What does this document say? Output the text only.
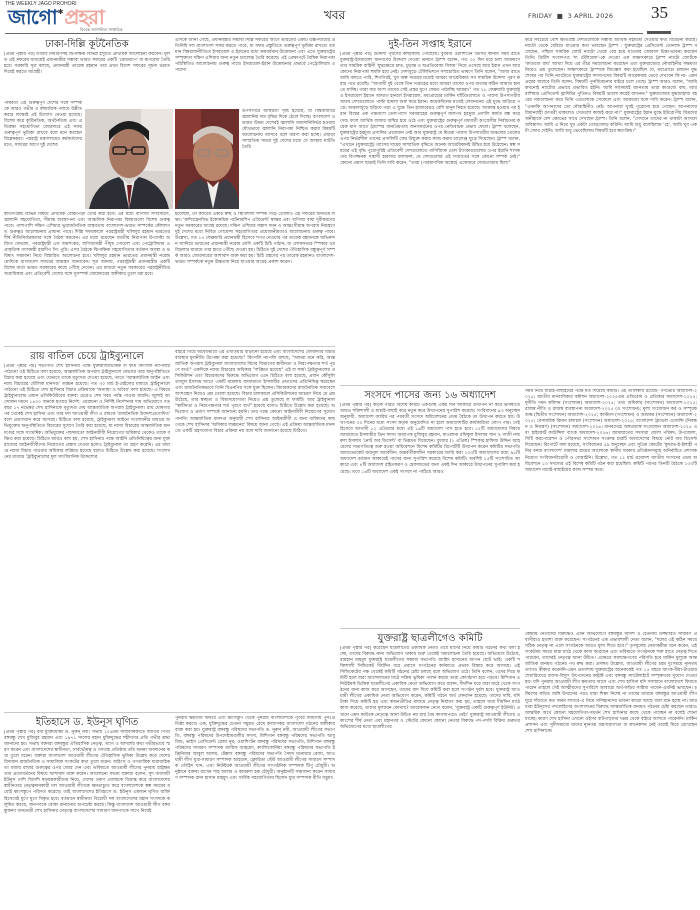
THE WEEKLY JAGO PROHORI
জাগো ✱ প্রহরা
বিবেক জাগানিয়া সাপ্তাহিক
খবর	FRIDAY  ■  3 APRIL 2026 35
ঢাকা-দিল্লি কূটনৈতিক

[প্রথম পৃষ্ঠার পর] তারিখ নির্ধারণসহ দ্বিপাক্ষিক বিভিন্ন ইস্যুতে প্রাথমিক আলোচনা করবেন। মূলত এই সফরের মাধ্যমেই প্রধানমন্ত্রীর সম্ভাব্য ভারত সফরের একটি 'রোডম্যাপ' বা রূপরেখা তৈরি হবে। সরকারি সূত্র বলছে, প্রধানমন্ত্রী তারেক রহমান তার প্রথম বিদেশ সফরের সূচনা ভারত দিয়েই করতে আগ্রহী।

পার্শ্ববর্তী এই গুরুত্বপূর্ণ দেশের সঙ্গে সম্পর্ককে আরও গভীর ও বহুমাত্রিক পর্যায়ে উন্নীত করার লক্ষ্যেই এই উদ্যোগ নেওয়া হয়েছে। বিশেষ করে কূটনৈতিক, অর্থনৈতিক এবং প্রতিরক্ষা সহযোগিতা জোরদারে এই সফর গুরুত্বপূর্ণ ভূমিকা রাখবে বলে মনে করছেন বিশ্লেষকরা। পররাষ্ট্র মন্ত্রণালয়ের কর্মকর্তাদের মতে, সফরের আগে দুই দেশের

স্বার্থসংশ্লিষ্ট বিভিন্ন বিষয়ে প্রাথমিক বোঝাপড়া তৈরি করা হবে। এর মধ্যে বাণিজ্য সম্প্রসারণ, জ্বালানি সহযোগিতা, সীমান্ত ব্যবস্থাপনা এবং আঞ্চলিক নিরাপত্তা বিষয়গুলো বিশেষ গুরুত্ব পাবে। পাশাপাশি দক্ষিণ এশিয়ার ভূরাজনৈতিক বাস্তবতায় বাংলাদেশ-ভারত সম্পর্কের কৌশলগত গুরুত্বও আলোচনায় প্রাধান্য পাবে। দিল্লি সফরকালে পররাষ্ট্রমন্ত্রী খলিলুর রহমান ভারতের শীর্ষ নীতিনির্ধারকদের সঙ্গে বৈঠক করবেন। এর মধ্যে রয়েছেন জাতীয় নিরাপত্তা উপদেষ্টা অজিত দোভাল, পররাষ্ট্রমন্ত্রী এস জয়শংকর, বাণিজ্যমন্ত্রী পীযূষ গোয়েল এবং পেট্রোলিয়াম ও প্রাকৃতিক গ্যাসমন্ত্রী হারদীপ সিং পুরি। এসব বৈঠকে দ্বিপাক্ষিক সহযোগিতার বর্তমান অবস্থা ও ভবিষ্যৎ সম্ভাবনা নিয়ে বিস্তারিত আলোচনা হবে। খলিলুর রহমান ভারতের প্রধানমন্ত্রী নরেন্দ্র মোদিকে বাংলাদেশ সফরের আমন্ত্রণ জানাবেন। সূত্র জানায়, পররাষ্ট্রমন্ত্রী প্রধানমন্ত্রীর একটি বিশেষ বার্তা ভারত সরকারের কাছে পৌঁছে দেবেন। এর মাধ্যমে নতুন সরকারের পররাষ্ট্রনীতির অগ্রাধিকার এবং প্রতিবেশী দেশের সঙ্গে সুসম্পর্ক জোরদারের অঙ্গীকার তুলে ধরা হবে।

এদিকে জানা গেছে, প্রধানমন্ত্রীর সম্ভাব্য দিল্লি সফরের আগে ভারতের একটি উচ্চপর্যায়ের প্রতিনিধি দল বাংলাদেশ সফর করতে পারে, যা সফর প্রস্তুতিতে গুরুত্বপূর্ণ ভূমিকা রাখবে। বর্তমান বিশ্বরাজনীতিতে ইসরায়েল ও ইরানের মধ্যে ক্রমবর্ধমান উত্তেজনা এবং এতে যুক্তরাষ্ট্রের সম্পৃক্ততা দক্ষিণ এশিয়ার জন্য নতুন চ্যালেঞ্জ তৈরি করেছে। এই প্রেক্ষাপটে বৈশ্বিক নিরাপত্তা পরিস্থিতিও আলোচনায় গুরুত্ব পাবে। ইসরায়েল-ইরান উত্তেজনার প্রভাবে পেট্রোলিয়াম ও পারস্য

উপসাগরে অস্থিরতা সৃষ্টি হয়েছে, যা বিশ্ববাজারে জ্বালানির দাম বৃদ্ধির দিকে ঠেলে দিচ্ছে। বাংলাদেশ ও ভারত উভয় দেশেরই জ্বালানি আমদানিনির্ভর হওয়ায় যৌথভাবে জ্বালানি নিরাপত্তা নিশ্চিত করার বিষয়টি আলোচনায় আসবে বলে ধারণা করা হচ্ছে। এছাড়া সাম্প্রতিক সময়ে দুই দেশের মধ্যে যে আস্থার ঘাটতি তৈরি

হয়েছিল, তা কাটিয়ে একটি স্বচ্ছ ও স্থিতিশীল সম্পর্ক গড়ে তোলাও এই সফরের অন্যতম লক্ষ্য। 'কম্প্রিহেনসিভ ইকোনমিক পার্টনারশিপ এগ্রিমেন্ট' স্বাক্ষর এবং বাণিজ্য বাধা দূরীকরণের নতুন সরকারের আগ্রহ রয়েছে। দক্ষিণ এশিয়ার সন্ত্রাস দমন ও আন্তঃসীমান্ত অপরাধ নিয়ন্ত্রণে দুই দেশের মধ্যে নিবিড় গোয়েন্দা সহযোগিতার প্রয়োজনীয়তাও আলোচনায় গুরুত্ব পাবে। উল্লেখ্য, গত ১৭ ফেব্রুয়ারি প্রধানমন্ত্রী হিসেবে শপথ নেওয়ার পর তারেক রহমানকে অভিনন্দন জানিয়ে ভারতের প্রধানমন্ত্রী নরেন্দ্র মোদি একটি চিঠি পাঠান, যা লোকসভার স্পিকার ওম বিড়লার মাধ্যমে তার হাতে পৌঁছে দেওয়া হয়। চিঠিতে দুই দেশের ঐতিহাসিক বন্ধুত্বপূর্ণ সম্পর্ক আরও জোরদারের আশাবাদ ব্যক্ত করা হয়। চিঠি গ্রহণের পর তারেক রহমানও বাংলাদেশ-ভারত সম্পর্ককে নতুন উচ্চতায় নিয়ে যাওয়ার আগ্রহ প্রকাশ করেন।

রায় বাতিল চেয়ে ট্রাইব্যুনালে

[প্রথম পৃষ্ঠার পর] সভাপতি শেখ হাসিনার পক্ষে যুক্তরাজ্যভিত্তিক ল ফার্ম কিংসলি ন্যাপলির পাঠানো ওই চিঠিতে বলা হয়েছে, আন্তর্জাতিক অপরাধ ট্রাইব্যুনালে যেভাবে তার অনুপস্থিতিতে বিচার করা হয়েছে এবং যেভাবে তাকে মৃত্যুদণ্ড দেওয়া হয়েছে, তাতে 'আন্তর্জাতিক আইন এবং ন্যায় বিচারের মৌলিক মানদণ্ড' লঙ্ঘন হয়েছে। গত ৩০ মার্চ ই-মেইলের মাধ্যমে ট্রাইব্যুনালে পাঠানো ওই চিঠিতে শেখ হাসিনার বিচার প্রক্রিয়াকে 'অন্যায্য ও অবৈধ' বলা হয়েছে। এ বিষয়ে ট্রাইব্যুনালের প্রধান প্রসিকিউটরের বক্তব্য চেয়েও শেষ খবর পর্যন্ত পাওয়া যায়নি। জুলাই আন্দোলন দমনে ১৪০০ জনকে হত্যার নির্দেশ, প্ররোচনা ও নির্দিষ্ট নির্দেশনার দায় অভিযোগে গত বছর ১৭ নভেম্বর শেখ হাসিনাকে মৃত্যুদণ্ড দেয় আন্তর্জাতিক অপরাধ ট্রাইব্যুনাল। রায় ঘোষণার পর থেকেই শেখ হাসিনা এবং তার দল আওয়ামী লীগ এ রায়কে 'রাজনৈতিক উদ্দেশ্যপ্রণোদিত' বলে প্রত্যাখ্যান করে আসছে। চিঠিতে বলা হয়েছে, ট্রাইব্যুনাল আইনে সংশোধনীর মাধ্যমে অভিযুক্তের অনুপস্থিতিতে বিচারের সুযোগ তৈরি করা হয়েছে, যা ন্যায্য বিচারের আন্তর্জাতিক মানদণ্ডের সঙ্গে সাংঘর্ষিক। অভিযুক্তের পছন্দমতো আইনজীবী নিয়োগের অধিকার থেকেও তাকে বঞ্চিত করা হয়েছে। চিঠিতে আরও বলা হয়, শেখ হাসিনার পক্ষে আইনি প্রতিনিধিত্বের জন্য যুক্তরাজ্যের আইনজীবীদের নিয়োগের প্রস্তাব দেওয়া হলেও ট্রাইব্যুনাল তা গ্রহণ করেনি। এর মাধ্যমে ন্যায্য বিচার পাওয়ার অধিকার লঙ্ঘিত হয়েছে বলেও চিঠিতে উল্লেখ করা হয়েছে। সংশোধনের মাধ্যমে 'ট্রাইব্যুনালের মূল সাংবিধানিক উদ্দেশ্যের

বাইরে গিয়ে অবৈধভাবে এর এখতিয়ার বাড়ানো হয়েছে এবং বাংলাদেশের ফৌজদারি বিচার ব্যবস্থার মূলনীতি উপেক্ষা করা হয়েছে।" কিংসলি ন্যাপলি বলছে, "আমরা মনে করি, আন্তর্জাতিক অপরাধ ট্রাইব্যুনাল বাংলাদেশের বিচার বিভাগের স্বাধীনতা ও নিরপেক্ষতার শর্ত পূরণে ব্যর্থ।" একদিকে ন্যায্য বিচারের অধিকার "লঙ্ঘিত হয়েছে" এই ল ফার্ম। ট্রাইব্যুনালের প্রসিকিউশন এবং বিচারকদের বিরুদ্ধে অভিযোগ এনে চিঠিতে বলা হয়েছে, প্রধান কৌঁসুলি তাজুল ইসলাম আগে একটি মামলায় জামায়াতে ইসলামীর নেতাদের প্রতিনিধিত্ব করেছেন এবং রাজনৈতিকভাবে তিনি বিএনপির সঙ্গে যুক্ত ছিলেন। বিচারকদের রাজনৈতিক সমাবেশে অংশগ্রহণ নিয়েও প্রশ্ন তোলা হয়েছে। বিচার চলাকালে প্রসিকিউশনের আচরণ নিয়ে যে প্রশ্ন উঠেছে, তার স্বচ্ছতা ও বিশ্বাসযোগ্যতা নিয়েও প্রশ্ন তুলেছে ল ফার্মটি। আর ট্রাইব্যুনাল "স্বাধীনতা ও নিরপেক্ষতার শর্ত পূরণে ব্যর্থ" হয়েছে বলেও চিঠিতে উল্লেখ করা হয়েছে। অভিযোগ ও প্রমাণ সম্পর্কে জানানো হয়নি। তার পক্ষে কোনো আইনজীবী নিয়োগের সুযোগ পাননি। আন্তর্জাতিক মানদণ্ড অনুযায়ী শেখ হাসিনার আইনজীবী ও অন্য ব্যক্তিদের কাছ থেকে শেখ হাসিনার 'অধিকার লঙ্ঘনের' বিষয়ে জানা গেছে। এই প্রক্রিয়া আন্তর্জাতিক মানদণ্ডে একটি গ্রহণযোগ্য বিচার প্রক্রিয়া নয় বলে দাবি জানানো হয়েছে চিঠিতে।

ইতিহাসে ড. ইউনূস ঘৃণিত

[প্রথম পৃষ্ঠার পর] বীর মুক্তিযোদ্ধা ড. নুরুন্ নবী। সভায় ১০৬তম জন্মবার্ষিকীতে জাতির পিতা বঙ্গবন্ধু শেখ মুজিবুর রহমান এবং ১৯৭১ সালের মহান মুক্তিযুদ্ধের শহীদদের প্রতি গভীর শ্রদ্ধা জানানো হয়। সভায় বক্তারা বঙ্গবন্ধুর ঐতিহাসিক নেতৃত্ব, ত্যাগ ও আদর্শের কথা গভীরভাবে স্মরণ করেন এবং বাংলাদেশের স্বাধীনতা, সার্বভৌমত্ব ও গণতন্ত্র প্রতিষ্ঠায় তাঁর অনন্য অবদানের কথা তুলে ধরেন। বক্তারা বাংলাদেশ আওয়ামী লীগের ঐতিহাসিক ভূমিকা উল্লেখ করে দেশের বিদ্যমান রাজনৈতিক ও সামাজিক সংকটের কথা তুলে ধরেন। অহিংস ও গণতান্ত্রিক ধারাবাহিকতা বজায় রাখার গুরুত্বের ওপর জোর দেন এবং ভবিষ্যতে আওয়ামী লীগের পুনরায় রাষ্ট্রক্ষমতায় প্রত্যাবর্তনের বিষয়ে আশাবাদ ব্যক্ত করেন। আলোচনা সভায় বক্তারা বলেন, সুদ ব্যবসায়ী ইউনূস দেশি বিদেশি ষড়যন্ত্রকারীদের নিয়ে, দেশের তরুণ প্রজন্মকে বিভ্রান্ত করে বাংলাদেশের স্বাধীনতার নেতৃত্বদানকারী দল আওয়ামী লীগকে ক্ষমতাচ্যুত করে বাংলাদেশকে স্বল্প সময়ের মধ্যেই ধ্বংসস্তূপে পরিণত করেছে। তাই বাংলাদেশের ইতিহাসে ড. ইউনূস একজন ঘৃণিত ব্যক্তি হিসেবেই যুগে যুগে ধিকৃত হবে। বর্তমানে স্বাধীনতা বিরোধী দল বাংলাদেশের মহান সংসদকে কলুষিত করছে, জনগণকে বোকা বানানোর অপচেষ্টা করছে। কিন্তু বাংলাদেশ আওয়ামী লীগ বঙ্গবন্ধুকন্যা জননেত্রী শেখ হাসিনার নেতৃত্বে বাংলাদেশের সাধারণ জনগণকে সাথে নিয়েই

পুনরায় ক্ষমতায় ফিরবে এবং ধ্বংসস্তূপ থেকে পুনরায় বাংলাদেশকে পূর্বের জায়গায় পুনঃপ্রতিষ্ঠা করবে। এক, মুক্তিযুদ্ধের চেতনা সমুন্নত রেখে কল্যাণকর বাংলাদেশ গঠনের অঙ্গীকার ব্যক্ত করা হয়। যুক্তরাষ্ট্র বঙ্গবন্ধু পরিষদের সভাপতি ড. নুরুন্ নবী, আওয়ামী লীগের সভাপতি, বঙ্গবন্ধু পরিষদের উপদেষ্টামণ্ডলীর সদস্য, মিশিগান বঙ্গবন্ধু পরিষদের সভাপতি আবু বিশু, ভাইস প্রেসিডেন্ট রেজা নূর, ওয়াশিংটন বঙ্গবন্ধু পরিষদের সভাপতি, মিশিগান বঙ্গবন্ধু পরিষদের সাধারণ সম্পাদক আরিফ আহমেদ, ক্যালিফোর্নিয়া বঙ্গবন্ধু পরিষদের সভাপতি ইঞ্জিনিয়ার আবুল আলম, টেক্সাস বঙ্গবন্ধু পরিষদের সভাপতি সৈয়দ মনোয়ার রেজা, আওয়ামী লীগ যুগ্ম-সাধারণ সম্পাদক আহমেদ, ফ্লোরিডা স্টেট আওয়ামী লীগের সাধারণ সম্পাদক তৌহিদ খান, এবং নিউইয়র্ক আওয়ামী লীগের সাংগঠনিক সম্পাদক টিপু চৌধুরী। অনুষ্ঠানে বক্তব্য রাখেন শাহ আলম ও কামরুল হক চৌধুরী। অনুষ্ঠানটি সঞ্চালনা করেন সাধারণ সম্পাদক রানা হাসান মাহমুদ এবং সার্বিক সহযোগিতায় ছিলেন যুগ্ম সম্পাদক বীথি বড়ুয়া।

দুই-তিন সপ্তাহ ইরানে

[প্রথম পৃষ্ঠার পর] উদ্দেশ্য পূরণের কাছাকাছি পৌঁছেছে। বুধবার ওয়াশিংটন ডিসির স্থানীয় সময় রাতে যুক্তরাষ্ট্র-ইসরায়েল জনগণের উদ্দেশে দেওয়া ভাষণে ট্রাম্প বলেন, গত ৩২ দিন ধরে চলা আক্রমণে তার সামরিক বাহিনী 'যুদ্ধক্ষেত্রে দ্রুত, চূড়ান্ত ও অপ্রতিরোধ্য বিজয়' নিয়ে এসেছে আর ইরান এখন আর কোনো নিরাপত্তা হুমকি হয়ে নেই। দেশজুড়ে টেলিভিশনে সম্প্রচারিত ভাষণে তিনি বলেন, "আজ রাতে আমি বলতে পারি, শিগগিরই, খুব অল্প সময়ের মধ্যেই আমরা আমেরিকার সব সামরিক উদ্দেশ্য পূরণ করার পথে রয়েছি। "আগামী দুই থেকে তিন সপ্তাহের মধ্যে আমরা তাদের ওপর অত্যন্ত কঠিন আঘাত হানতে যাচ্ছি। তারা যার অংশ তাদের সেই প্রস্তর যুগে ফেরত পাঠাচ্ছি আমরা।" গত ২৮ ফেব্রুয়ারি যুক্তরাষ্ট্র ও ইসরায়েল ইরানে আঘাত হানলে ইসরায়েল, মধ্যপ্রাচ্যের মার্কিন ঘাঁটিগুলোতে ও পারস্য উপসাগরীয় আরব দেশগুলোতে পাল্টা হামলা শুরু করে ইরান। কয়েকদিনের মধ্যেই লেবাননের এই যুদ্ধে জড়িয়ে পড়ে। অঞ্চলজুড়ে ছড়িয়ে পড়া এ যুদ্ধে তিন হাজারেরও বেশি মানুষ নিহত হয়েছে। আক্রান্ত হওয়ার পর ইরান বিশ্বের এক পঞ্চমাংশ তেল-গ্যাস সরবরাহের গুরুত্বপূর্ণ জলপথ হরমুজ প্রণালি কার্যত বন্ধ করে দেয়। ফলে আর্থিক বাজার অস্থির হয়ে ওঠে এবং যুক্তরাষ্ট্রের গুরুত্বপূর্ণ মধ্যবর্তী কংগ্রেসীয় নির্বাচনের কয়েক মাস আগে ট্রাম্পের জনপ্রিয়তায় জনসমর্থনের ওপর নেতিবাচক প্রভাব ফেলে। ট্রাম্প বলেছেন, যুক্তরাষ্ট্রের হরমুজ প্রণালির প্রয়োজন নেই আর যুক্তরাষ্ট্র যে মিত্ররা পারস্য উপসাগরীয় অঞ্চলের তেলের ওপর নির্ভরশীল তাদের প্রণালিটি ফের উন্মুক্ত করার কাজ করার চ্যালেঞ্জ ছুড়ে দিয়েছেন। ট্রাম্প বলেন, "এখানে (যুক্তরাষ্ট্রে) গ্যাসের দামের সাম্প্রতিক বৃদ্ধিতে অনেক আমেরিকানই উদ্বিগ্ন হয়ে উঠেছেন। স্বল্প সময়ের এই বৃদ্ধি পুরোপুরিই প্রতিবেশী দেশগুলোতে বাণিজ্যিক তেল ট্যাংকারগুলোর ওপর ইরানি শাসকদের বিপজ্জনক সন্ত্রাসী হামলার ফলাফল, যে দেশগুলোর এই সংঘাতের সঙ্গে কোনো সম্পর্ক নেই।" কোনো প্রমাণ ছাড়াই তিনি দাবি করেন, "তারা (পারমাণবিক অস্ত্রের) একেবারে দোরগোড়ায় ছিল।"

করে সবচেয়ে বেশি ক্ষতিগ্রস্ত দেশগুলোকে সম্ভাব্য আর্থিক সহায়তা দেওয়ার কথা বিবেচনা করছে। ন্যাটো থেকে বেরিয়ে যাওয়ার কথা ভাবছেন ট্রাম্প : যুক্তরাষ্ট্রের প্রেসিডেন্ট ডোনাল্ড ট্রাম্প বলেছেন, পশ্চিমা সামরিক জোট ন্যাটো থেকে বের হয়ে যাওয়ার জোরাল চিন্তা-ভাবনা করছেন তিনি। ব্রিটিশ সংবাদপত্র 'দ্য টেলিগ্রাফ'-কে দেওয়া এক সাক্ষাৎকারে ট্রাম্প ন্যাটো জোটকে 'কাগুজে বাঘ' আখ্যা দিয়ে এর তীব্র সমালোচনা করেছেন এবং যুক্তরাজ্যের নৌবাহিনীর সক্ষমতা নিয়েও প্রশ্ন তুলেছেন। সাক্ষাৎকারে ট্রাম্পকে জিজ্ঞেস করা হয়েছিল যে, মধ্যপ্রাচ্যে চলমান যুদ্ধ শেষের পর তিনি ন্যাটোতে যুক্তরাষ্ট্রের সদস্যপদের বিষয়টি আরেকবার ভেবে দেখবেন কি না- এমন প্রশ্নের জবাবে তিনি বলেন, বিষয়টি পুনর্বিবেচনার বাইরে চলে গেছে। ট্রাম্প আরও বলেন, "আমি কখনোই ন্যাটোর প্রভাবে প্রভাবিত হইনি। আমি সবসময়ই জানতাম তারা কাগুজে বাঘ, আর রাশিয়ার প্রেসিডেন্ট ভ্লাদিমির পুতিনও বিষয়টি ভালো করেই জানেন।" যুক্তরাজ্যের যুদ্ধজাহাজ বহরের সমালোচনা করে তিনি এগুলোকে সেকেলে এবং অকেজো বলে দাবি করেন। ট্রাম্প বলেন, "এমনকি আপনাদের তো নৌবাহিনীও নেই। আপনারা খুবই পুরোনো হয়ে গেছেন। আপনাদের বিমানবাহী রণতরী থাকলেও সেগুলো কাজই করে না।" যুক্তরাষ্ট্রের ইরান যুদ্ধে ইউরোপীয় মিত্রদের অনীহাকে বেশ ক্ষোভের সাথে দেখছেন ট্রাম্প। তিনি বলেন, "সেখানে তাদের না থাকাটা আসলে অবিশ্বাস্য। আমি এ নিয়ে খুব একটা তোড়জোড় করিনি। আমি শুধু বলেছিলাম 'হে', আমি খুব একটা জোর দেইনি। আমি শুধু ভেবেছিলাম বিষয়টি হবে স্বয়ংক্রিয়।"

সংসদে পাসের জন্য ১৬ অধ্যাদেশ

[প্রথম পৃষ্ঠার পর] কর্তৃক গঠিত বিশেষ কমিটি একগুচ্ছ একই দিন আকারে উত্থাপন না করে ভবিষ্যতে আরও শক্তিশালী ও যাচাই-বাছাই করে নতুন করে উত্থাপনের সুপারিশ করেছে। সংবিধানের ৯৩ অনুচ্ছেদ অনুযায়ী, অধ্যাদেশ জারির পর পরবর্তী সংসদে অধিবেশনের প্রথম বৈঠকে তা উত্থাপন করতে হয়। উত্থাপনের ৩০ দিনের মধ্যে সংসদ কর্তৃক অনুমোদিত না হলে অধ্যাদেশটির কার্যকারিতা লোপ পায়। সেই হিসেবে আগামী ১২ এপ্রিলের মধ্যে এই ১৬টি অধ্যাদেশ পাস হতে হবে। ১২টি অধ্যাদেশের বিষয়ে জামায়াতে ইসলামীর তিন সদস্য অধ্যাপক মুজিবুর রহমান, মাওলানা রফিকুল ইসলাম খান ও গাজী নজরুল ইসলাম 'নোট অব ডিসেন্ট' বা ভিন্নমত দিয়েছেন। বুধবার (১ এপ্রিল) স্পিকার হাফিজ উদ্দিন আহমেদের সভাপতিত্বে শুরু হওয়া অধিবেশনে বিশেষ কমিটির রিপোর্টটি উত্থাপন করেন কমিটির সভাপতি অ্যাডভোকেট জয়নুল আবেদীন। অন্তর্বর্তীকালীন সরকারের জারি করা ১৩৩টি অধ্যাদেশের মধ্যে ৯৮টি অধ্যাদেশ বর্তমান আকারেই পাসের জন্য সুপারিশ করেছে বিশেষ কমিটি। অবশিষ্ট ১৫টি সংশোধিত আকারে এবং ৪টি অধ্যাদেশ রহিতকরণ ও হেফাজতের জন্য একই দিন আকারে উত্থাপনের সুপারিশ করা হয়েছে। তবে ১৬টি অধ্যাদেশ একই সংসদে না পাঠিয়ে আরও

সময় নিয়ে যাচাই-বাছাইয়ের পক্ষে মত দিয়েছে কমিটি। এই তালিকায় রয়েছে- গণভোট অধ্যাদেশ-২০২৫; জাতীয় মানবাধিকার কমিশন অধ্যাদেশ-২০২৫গুম প্রতিরোধ ও প্রতিকার অধ্যাদেশ-২০২৫; দুর্নীতি দমন কমিশন (সংশোধন) অধ্যাদেশ-২০২৫; তথ্য অধিকার (সংশোধন) অধ্যাদেশ-২০২৫; রাজস্ব নীতি ও রাজস্ব ব্যবস্থাপনা অধ্যাদেশ-২০২৫ (ও সংশোধন); মূল্য সংযোজন কর ও সম্পূরক শুল্ক (দ্বিতীয় সংশোধন) অধ্যাদেশ-২০২৫; কাস্টমস (সংশোধন) ও আয়কর (সংশোধন) অধ্যাদেশ-২০২৫; বেসামরিক বিমান চলাচল (সংশোধন) অধ্যাদেশ-২০২৫; বাংলাদেশ ট্রাভেল এজেন্সি (নিবন্ধন ও নিয়ন্ত্রণ) (সংশোধন) অধ্যাদেশ-২০২৬। মানবদেহে অঙ্গপ্রত্যঙ্গ সংযোজন অধ্যাদেশ-২০২৫ এবং হাইকোর্ট কাউন্সিল ব্যাংক অধ্যাদেশ-২০২৬। জামায়াতের সদস্যরা জেলা পরিষদ, উপজেলা, সিটি করপোরেশন ও পৌরসভা সংশোধন সংক্রান্ত চারটি অধ্যাদেশের বিষয়ে নোট অব ডিসেন্ট দিয়েছেন। রিপোর্টে বলা হয়েছে, সংবিধানের ৫৯ অনুচ্ছেদ এবং সুপ্রিম কোর্টের 'কুদরত-ই-ইলাহী পনির বনাম বাংলাদেশ' মামলার রায়ের আলোকে স্থানীয় সরকার প্রতিষ্ঠানসমূহে অনির্বাচিত প্রশাসক নিয়োগ সংবিধানবিরোধী ও বেআইনি। উল্লেখ্য, গত ১২ মার্চ ত্রয়োদশ জাতীয় সংসদের প্রথম অধিবেশনে ১৩ সদস্যের এই বিশেষ কমিটি গঠন করা হয়েছিল। কমিটি পরপর তিনটি বৈঠকে ১৩৩টি অধ্যাদেশ যাচাই-বাছাইয়ের কাজ সম্পন্ন করে।

যুক্তরাষ্ট্র ছাত্রলীগেও কমিটি

[প্রথম পৃষ্ঠার পর] করেছেন ছাত্রলীগের একাধিক নেতা। তবে যাদের নিয়ে কমিটি গঠনের কথা বলা হচ্ছে, তাদের বিরুদ্ধে নানা অভিযোগ থাকায় শুরু থেকেই সমালোচনা তৈরি হয়েছে। অভিযোগ উঠেছে, রায়হান মাহমুদ যুক্তরাষ্ট্র ছাত্রলীগের সম্ভাব্য সভাপতি জাহিদ হাসানের আপন ছোট ভাই। একটি শক্তিশালী সিন্ডিকেট দীর্ঘদিন ধরে প্রবাসে সংগঠনের কর্মকাণ্ডে প্রভাব বিস্তার করে আসছে। এই সিন্ডিকেটের পক্ষ থেকেই কমিটি গঠনের চেষ্টা চলছে বলে অভিযোগ ওঠে। তিনি বলেন, এদের দিয়ে কমিটি হলে যারা আন্দোলনের মাঠে সক্রিয় ভূমিকা পালন করছে তারা কোণঠাসা হয়ে পড়বে। মিশিগান ও নিউইয়র্ক ভিত্তিক ছাত্রলীগের একাধিক নেতা অভিযোগ করে বলেন, দীর্ঘদিন ধরে যারা মাঠে থেকে সংগঠনের জন্য কাজ করে আসছেন, তাদের বাদ দিয়ে কমিটি করা হলে সংগঠন দুর্বল হবে। যুক্তরাষ্ট্র আওয়ামী লীগের একাধিক নেতা অভিযোগ করেন, কমিটি গঠনে অর্থ লেনদেন হয়েছে। তাদের দাবি, যদি টাকা দিয়ে কমিটি হয় এবং স্বজনপ্রীতির মাধ্যমে নেতৃত্ব নির্ধারণ করা হয়, তাহলে যারা দীর্ঘদিন মাঠে কাজ করেছে, তাদের মূল্যায়ন কোথায়? আরেকজন নেতা বলেন, 'যুক্তরাষ্ট্র একটি গুরুত্বপূর্ণ ইউনিট। এখানে এমন কাউকে নেতৃত্বে আনা উচিত নয় যার বৈধ কাগজপত্রও নেই।' যুক্তরাষ্ট্র আওয়ামী লীগের একাংশের শীর্ষ নেতা এবং মহানগর ও স্টেটের কোনো কোনো নেতার বিরুদ্ধে পদ-পদবি বিক্রির গুরুতর অভিযোগের মধ্যে ছাত্রলীগের

কেন্দ্রীয় নেতাদের বিরুদ্ধেও এমন অভিযোগে বঙ্গবন্ধুর আদর্শ ও চেতনায় উজ্জীবিত সাধারণ প্রবাসীরাও হতাশা ব্যক্ত করেছেন। সংগঠনের এক প্রভাবশালী নেতা বলেন, "দলের এই কঠিন সময়ে সঠিক নেতৃত্ব না এলে সংগঠনকে আরও মূল্য দিতে হবে।" তৃণমূলের নেতাকর্মীরা মনে করেন, এই সংকটময় সময়ে যারা মাঠে থেকে কাজ করেছেন এবং ভবিষ্যতে সংগঠনকে শক্ত হাতে নেতৃত্ব দিতে পারবেন, তাদেরই নেতৃত্বে আনা উচিত। এক্ষেত্রে কালক্ষেপণের পরিণতি হবে মার্কিন মুলুকে আন্তর্জাতিক জনমত গঠনের পথ রুদ্ধ করা। প্রসঙ্গত উল্লেখ্য, আওয়ামী লীগের চরম দুঃসময়ে ন্যূনতম ত্যাগও স্বীকার করেননি-এমন প্রত্যাশায় যুক্তরাষ্ট্রের অনেককেই গত ১৫ বছরে ব্যাংক-বীমা-টাওয়ার শেয়ারিয়েরে ব্যবসা-বিদ্যুৎ উৎপাদনের কন্ট্রাক্ট এবং বঙ্গবন্ধু স্যাটেলাইটে সম্পৃক্ততার সুযোগ দেওয়া হয়। যদি পুনরায় আওয়ামী লীগ ক্ষমতায় আসে এবং শেখ হাসিনা যদি সসম্মানে বাংলাদেশে ফিরতে পারেন তাহলে সেই আত্মীয়দের সুপারিশে আবারো অর্থ-কড়ির সান্নিধ্য পাবেন-এমনিই ভাবছেন। চব্বিশের কথিত জঙ্গি উত্থানের পরও যারা শিক্ষা নিচ্ছে না তাদের মাধ্যমে বঙ্গবন্ধুর আওয়ামী লীগ ঘুরে দাঁড়াতে কত জনম লাগবে-এ নিয়ে সন্দিহানদের ভাবনা কারো আছে বলে মনে হচ্ছে না। আর যারা ইউনূসের পদলেহিদের অপশাসনের বিরুদ্ধে আন্তর্জাতিক জনমত গঠনের চেষ্টা করছেন তারাও আন্তরিক অর্থে কোনো সহযোগিতা-সমর্থন শেখ হাসিনার কাছে থেকে পাচ্ছেন না বলেই শোনা যাচ্ছে। কারণ শেখ হাসিনা এখনো ওইসব বাটপাড়দের খপ্পর থেকে বাইরে আসতে পারেননি। মার্কিন প্রশাসন এবং সুধীসমাজে যাদের ন্যূনতম গ্রহণযোগ্যতা বা কানেকশন নেই তারাই ঘিরে রেখেছেন শেখ হাসিনাকে।
